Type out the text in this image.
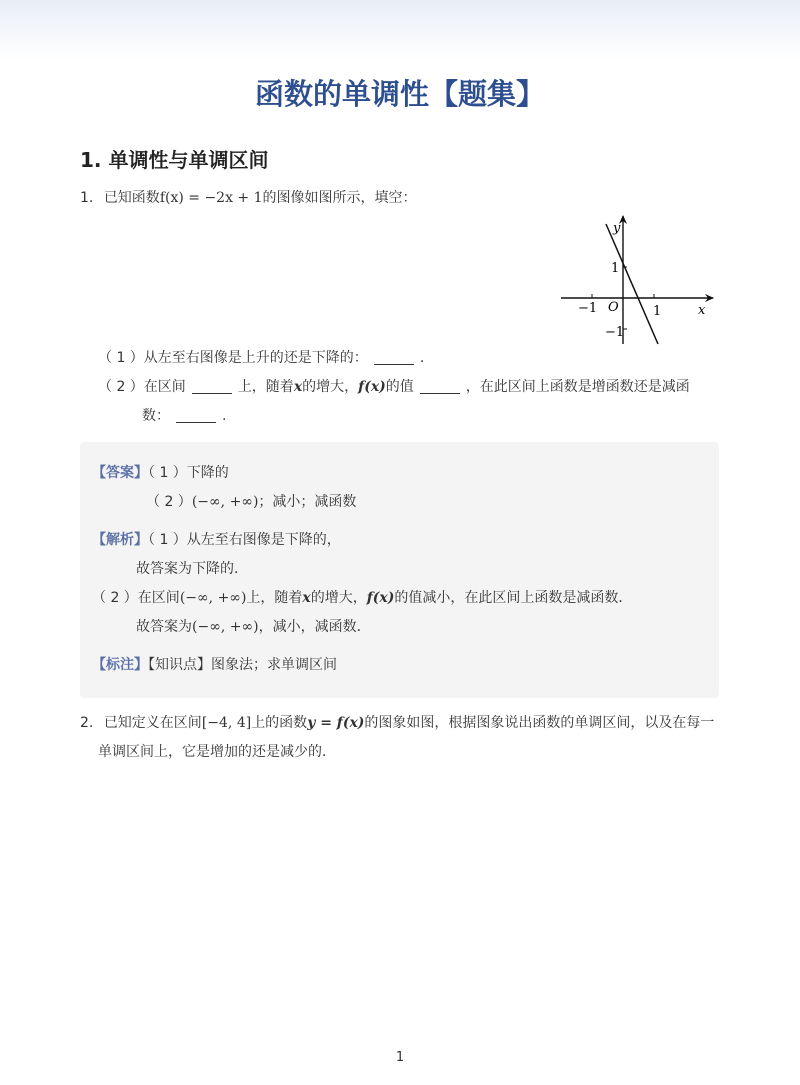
函数的单调性【题集】
1. 单调性与单调区间
1. 已知函数f(x) = −2x + 1的图像如图所示，填空：
y
x
O
1
−1	1
−1
（ 1 ）从左至右图像是上升的还是下降的：	.
（ 2 ）在区间	上，随着x的增大，f(x)的值	，在此区间上函数是增函数还是减函
数：	.
【答案】（ 1 ）下降的
（ 2 ）(−∞, +∞)；减小；减函数
【解析】（ 1 ）从左至右图像是下降的，
故答案为下降的．
（ 2 ）在区间(−∞, +∞)上，随着x的增大，f(x)的值减小，在此区间上函数是减函数．
故答案为(−∞, +∞)，减小，减函数．
【标注】【知识点】图象法；求单调区间
2. 已知定义在区间[−4, 4]上的函数y = f(x)的图象如图，根据图象说出函数的单调区间，以及在每一
单调区间上，它是增加的还是减少的．
1
